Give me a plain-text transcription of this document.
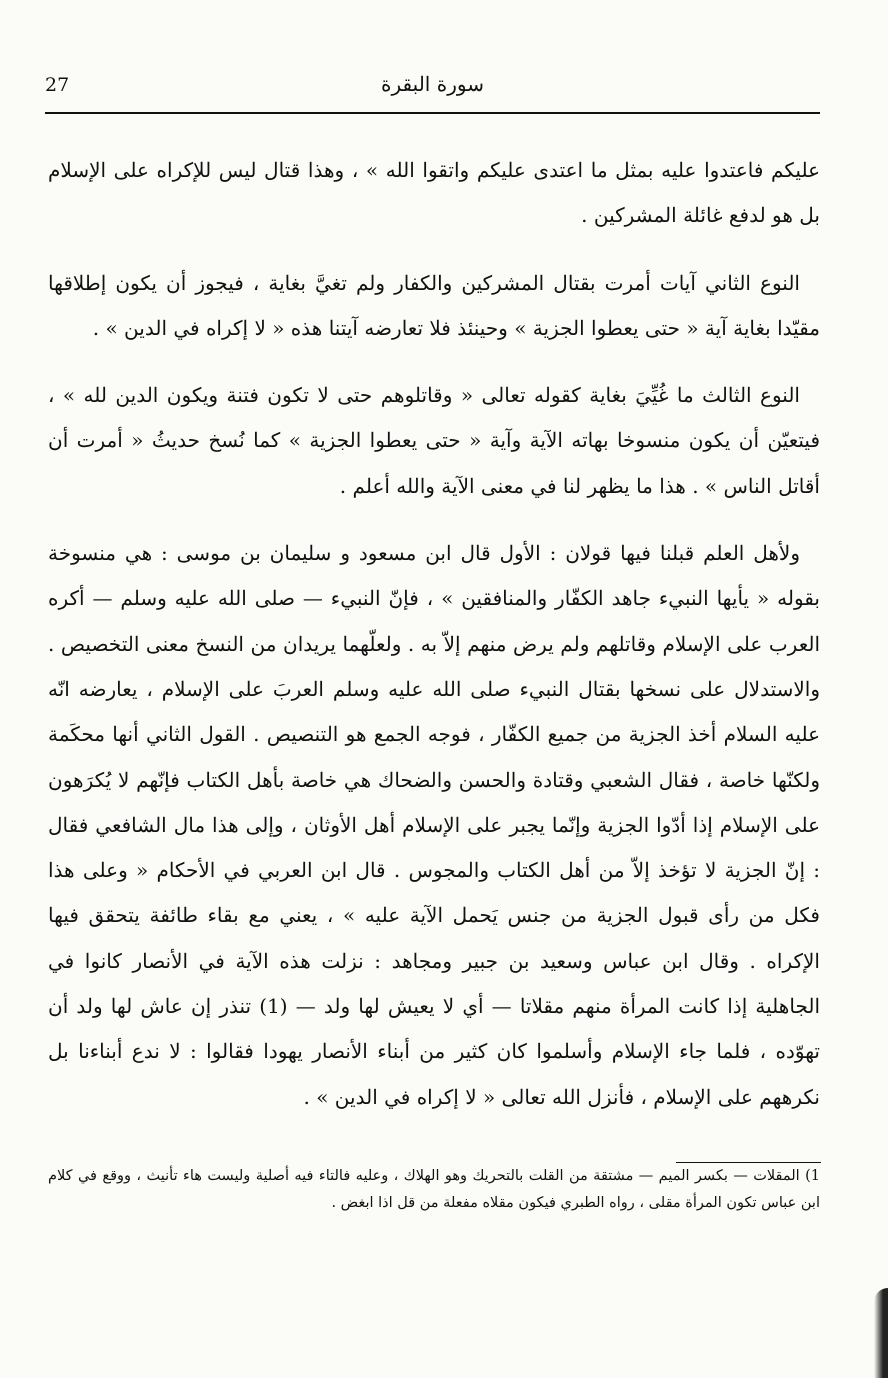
27	سورة البقرة

عليكم فاعتدوا عليه بمثل ما اعتدى عليكم واتقوا الله » ، وهذا قتال ليس للإكراه على الإسلام بل هو لدفع غائلة المشركين .

النوع الثاني آيات أمرت بقتال المشركين والكفار ولم تغيَّ بغاية ، فيجوز أن يكون إطلاقها مقيّدا بغاية آية « حتى يعطوا الجزية » وحينئذ فلا تعارضه آيتنا هذه « لا إكراه في الدين » .

النوع الثالث ما غُيِّيَ بغاية كقوله تعالى « وقاتلوهم حتى لا تكون فتنة ويكون الدين لله » ، فيتعيّن أن يكون منسوخا بهاته الآية وآية « حتى يعطوا الجزية » كما نُسخ حديثُ « أمرت أن أقاتل الناس » . هذا ما يظهر لنا في معنى الآية والله أعلم .

ولأهل العلم قبلنا فيها قولان : الأول قال ابن مسعود و سليمان بن موسى : هي منسوخة بقوله « يأيها النبيء جاهد الكفّار والمنافقين » ، فإنّ النبيء — صلى الله عليه وسلم — أكره العرب على الإسلام وقاتلهم ولم يرض منهم إلاّ به . ولعلّهما يريدان من النسخ معنى التخصيص . والاستدلال على نسخها بقتال النبيء صلى الله عليه وسلم العربَ على الإسلام ، يعارضه انّه عليه السلام أخذ الجزية من جميع الكفّار ، فوجه الجمع هو التنصيص . القول الثاني أنها محكَمة ولكنّها خاصة ، فقال الشعبي وقتادة والحسن والضحاك هي خاصة بأهل الكتاب فإنّهم لا يُكرَهون على الإسلام إذا أدّوا الجزية وإنّما يجبر على الإسلام أهل الأوثان ، وإلى هذا مال الشافعي فقال : إنّ الجزية لا تؤخذ إلاّ من أهل الكتاب والمجوس . قال ابن العربي في الأحكام « وعلى هذا فكل من رأى قبول الجزية من جنس يَحمل الآية عليه » ، يعني مع بقاء طائفة يتحقق فيها الإكراه . وقال ابن عباس وسعيد بن جبير ومجاهد : نزلت هذه الآية في الأنصار كانوا في الجاهلية إذا كانت المرأة منهم مقلاتا — أي لا يعيش لها ولد — (1) تنذر إن عاش لها ولد أن تهوّده ، فلما جاء الإسلام وأسلموا كان كثير من أبناء الأنصار يهودا فقالوا : لا ندع أبناءنا بل نكرههم على الإسلام ، فأنزل الله تعالى « لا إكراه في الدين » .

1) المقلات — بكسر الميم — مشتقة من القلت بالتحريك وهو الهلاك ، وعليه فالتاء فيه أصلية وليست هاء تأنيث ، ووقع في كلام ابن عباس تكون المرأة مقلى ، رواه الطبري فيكون مقلاه مفعلة من قل اذا ابغض .
